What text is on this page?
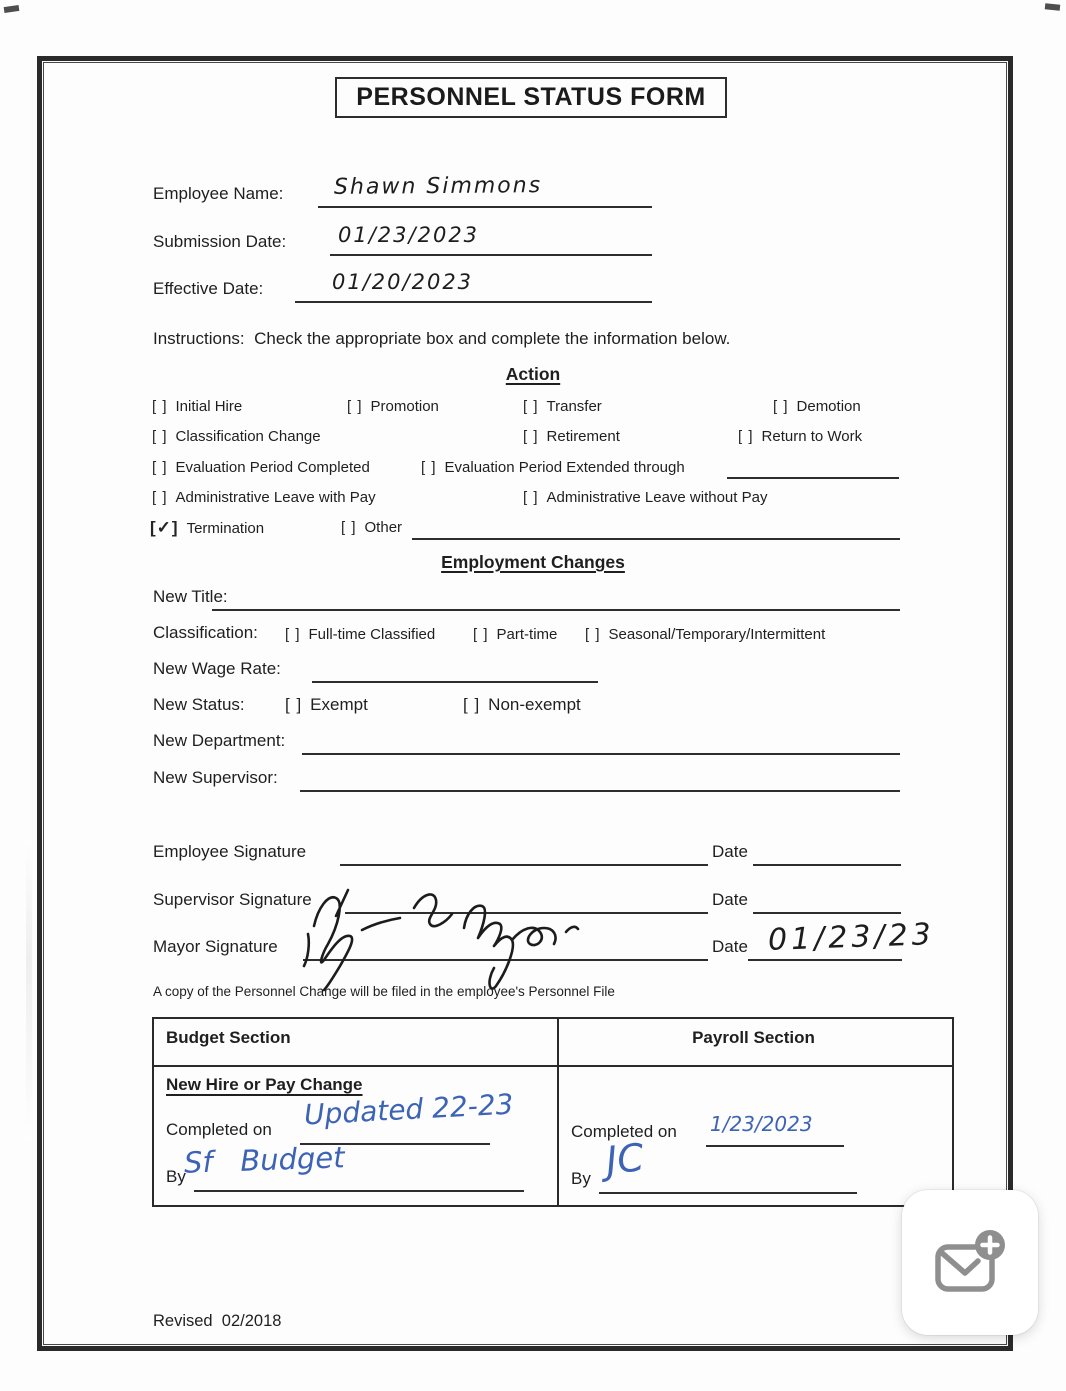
PERSONNEL STATUS FORM
Employee Name: Shawn Simmons
Submission Date: 01/23/2023
Effective Date:	01/20/2023
Instructions:  Check the appropriate box and complete the information below.
Action
[ ] Initial Hire	[ ] Promotion	[ ] Transfer	[ ] Demotion
[ ] Classification Change	[ ] Retirement	[ ] Return to Work
[ ] Evaluation Period Completed	[ ] Evaluation Period Extended through
[ ] Administrative Leave with Pay	[ ] Administrative Leave without Pay
[✓] Termination	[ ] Other
Employment Changes
New Title:
Classification: [ ] Full-time Classified	[ ] Part-time [ ] Seasonal/Temporary/Intermittent
New Wage Rate:
New Status: [ ] Exempt	[ ] Non-exempt
New Department:
New Supervisor:
Employee Signature	Date
Supervisor Signature	Date
Mayor Signature	Date 01/23/23
A copy of the Personnel Change will be filed in the employee's Personnel File
Budget Section	Payroll Section
New Hire or Pay Change
Completed on Updated 22-23
By
Sf   Budget
Completed on 1/23/2023
By JC
Revised  02/2018
